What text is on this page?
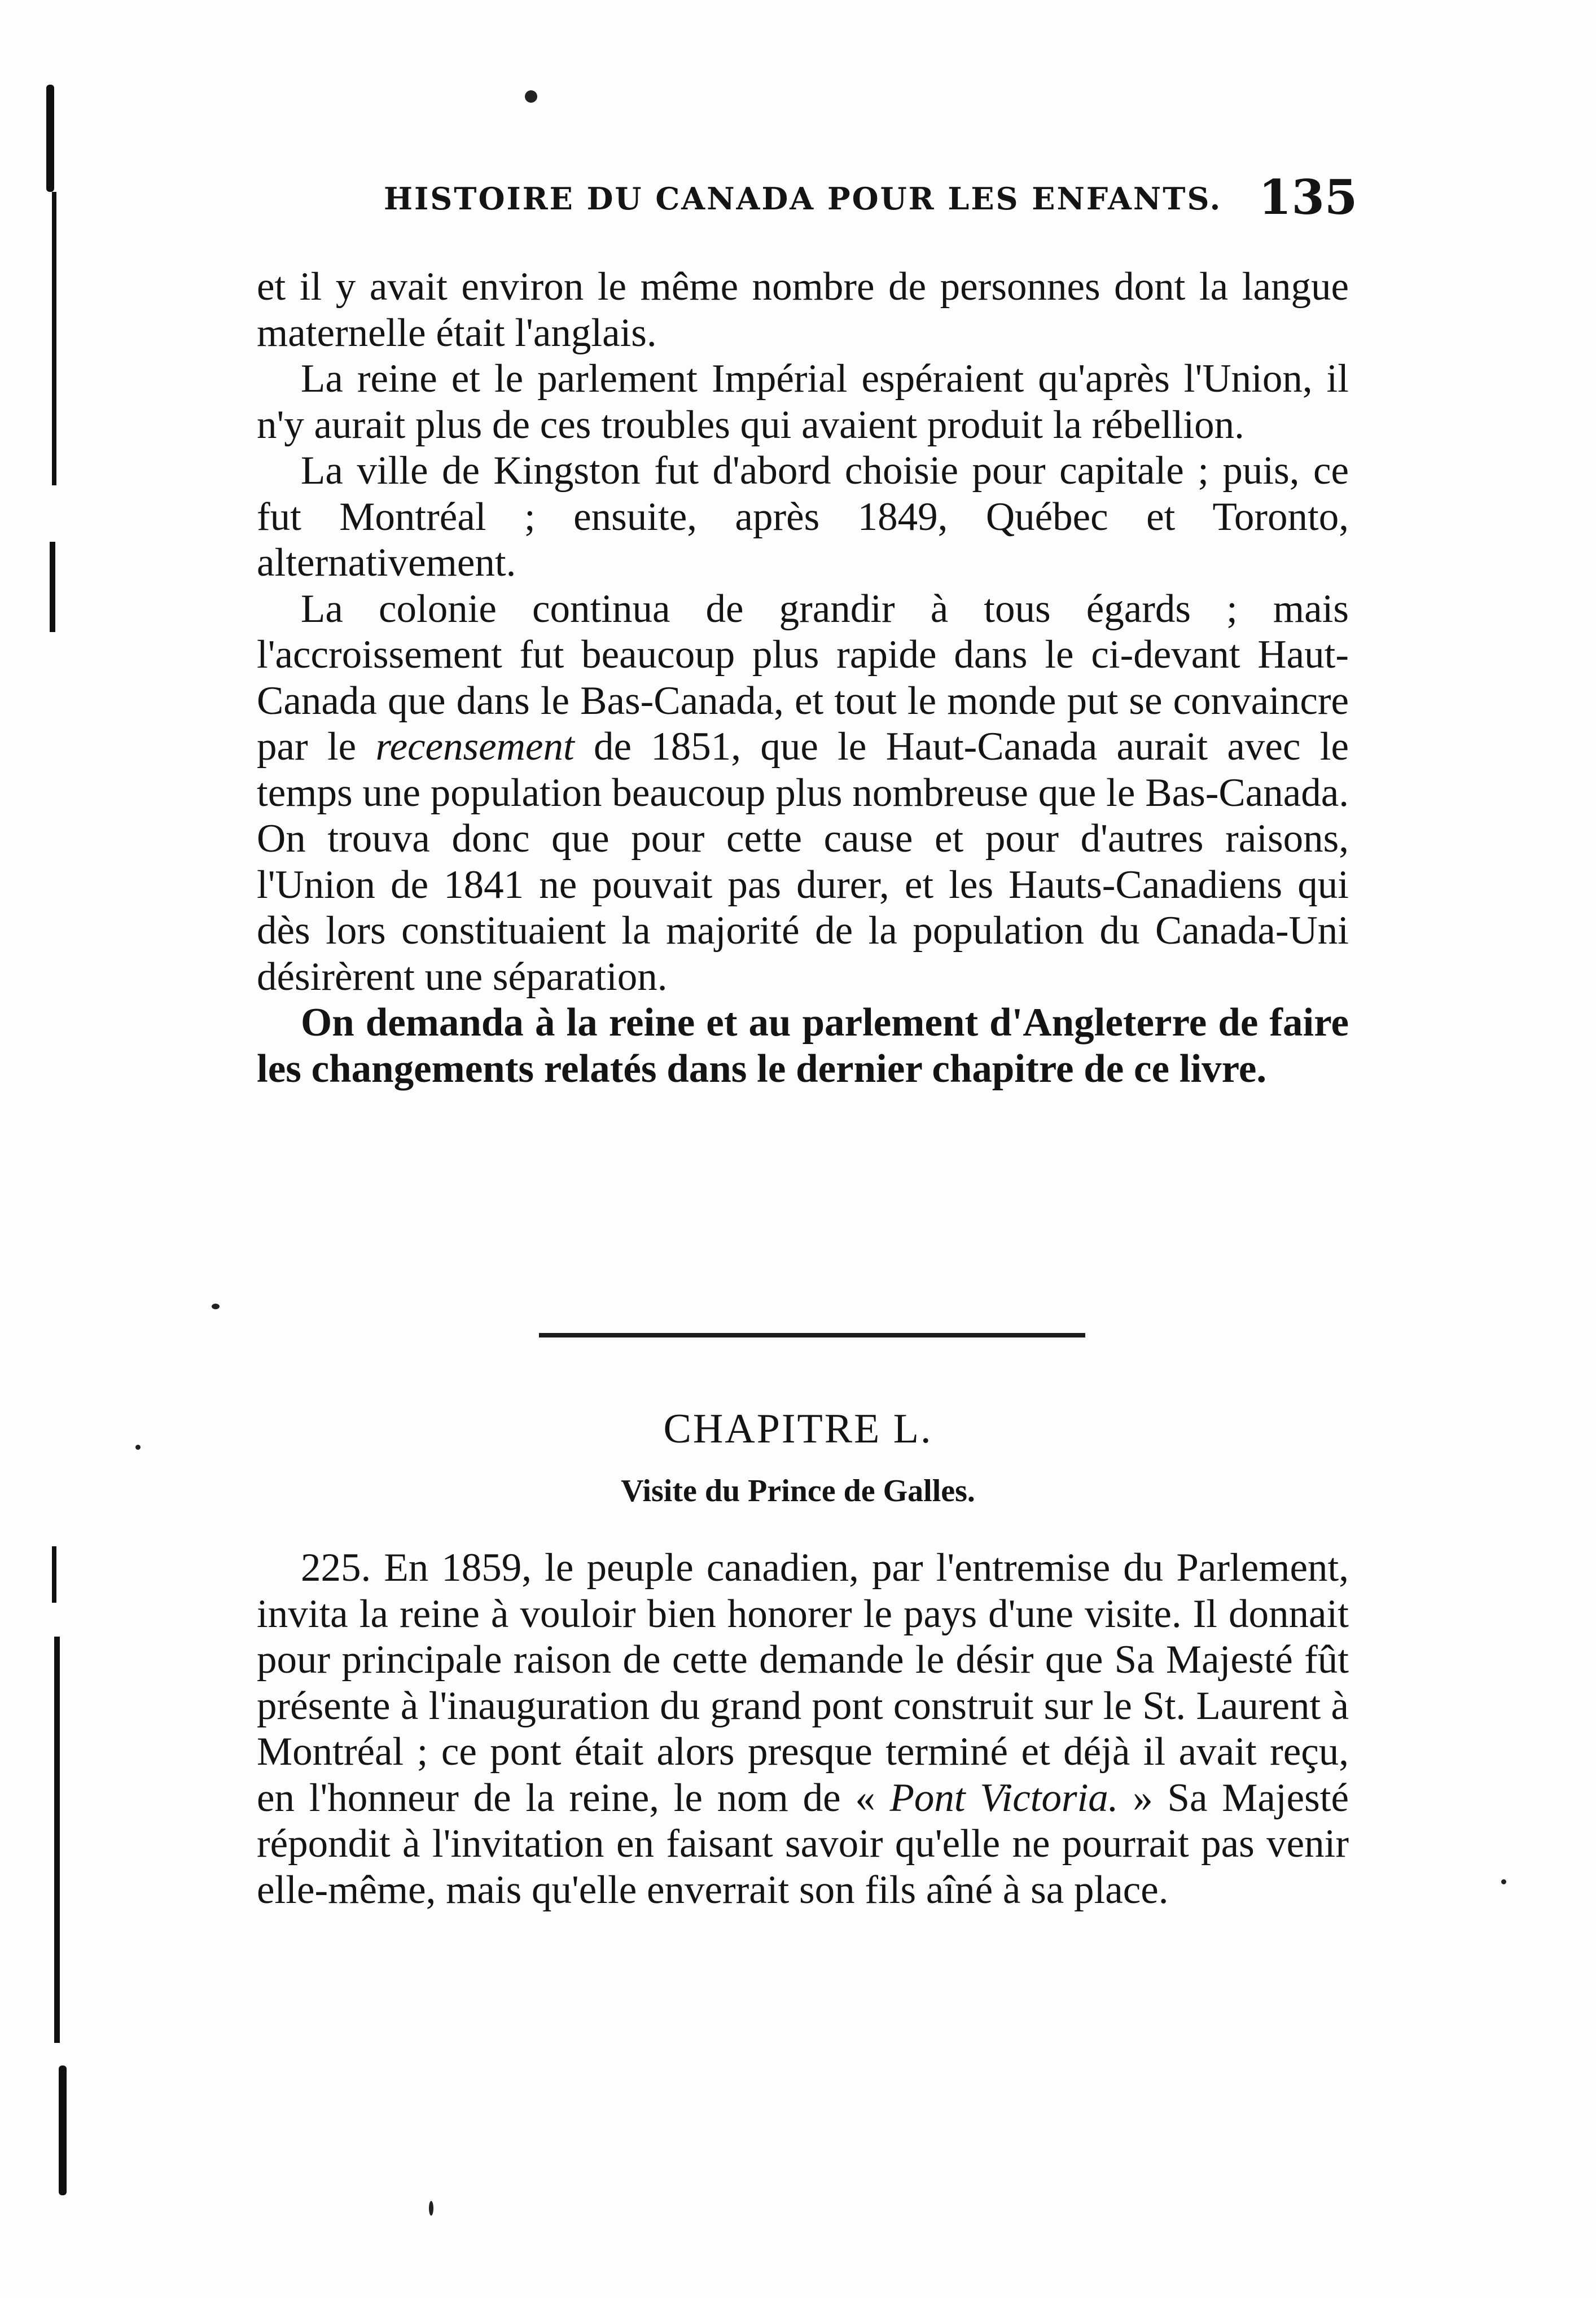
HISTOIRE DU CANADA POUR LES ENFANTS. 135

et il y avait environ le même nombre de personnes dont la langue maternelle était l'anglais.

La reine et le parlement Impérial espéraient qu'après l'Union, il n'y aurait plus de ces troubles qui avaient produit la rébellion.

La ville de Kingston fut d'abord choisie pour capitale ; puis, ce fut Montréal ; ensuite, après 1849, Québec et Toronto, alternativement.

La colonie continua de grandir à tous égards ; mais l'accroissement fut beaucoup plus rapide dans le ci-devant Haut-Canada que dans le Bas-Canada, et tout le monde put se convaincre par le recensement de 1851, que le Haut-Canada aurait avec le temps une population beaucoup plus nombreuse que le Bas-Canada. On trouva donc que pour cette cause et pour d'autres raisons, l'Union de 1841 ne pouvait pas durer, et les Hauts-Canadiens qui dès lors constituaient la majorité de la population du Canada-Uni désirèrent une séparation.

On demanda à la reine et au parlement d'Angleterre de faire les changements relatés dans le dernier chapitre de ce livre.

CHAPITRE L.
Visite du Prince de Galles.

225. En 1859, le peuple canadien, par l'entremise du Parlement, invita la reine à vouloir bien honorer le pays d'une visite. Il donnait pour principale raison de cette demande le désir que Sa Majesté fût présente à l'inauguration du grand pont construit sur le St. Laurent à Montréal ; ce pont était alors presque terminé et déjà il avait reçu, en l'honneur de la reine, le nom de « Pont Victoria. » Sa Majesté répondit à l'invitation en faisant savoir qu'elle ne pourrait pas venir elle-même, mais qu'elle enverrait son fils aîné à sa place.
